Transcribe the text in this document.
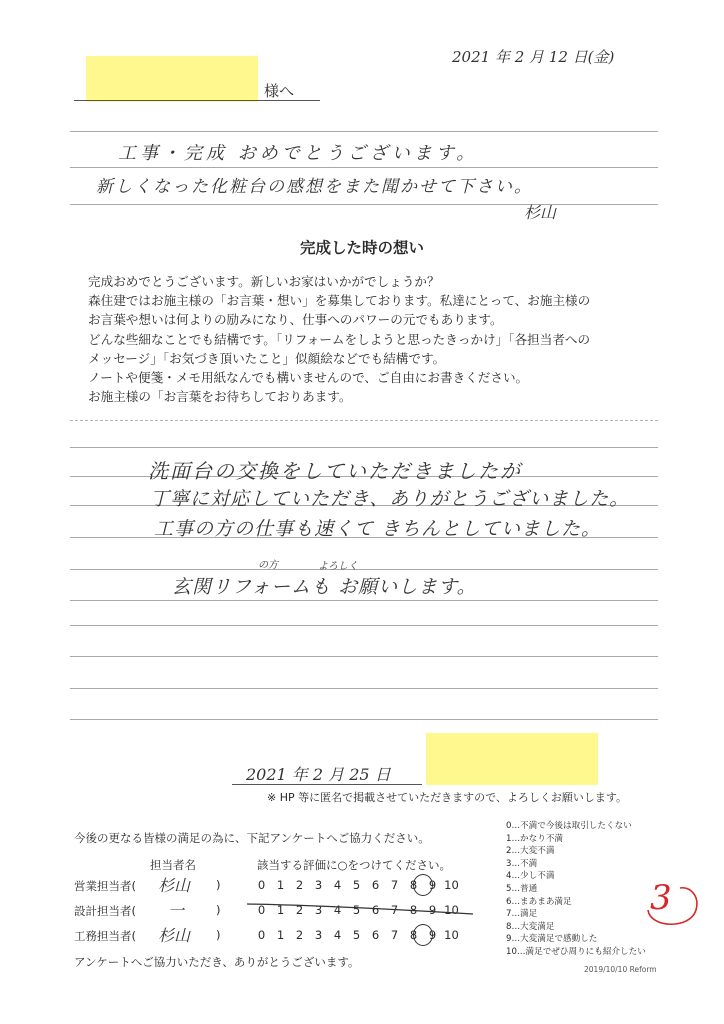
2021 年 2 月 12 日(金)
様へ
工事・完成 おめでとうございます。
新しくなった化粧台の感想をまた聞かせて下さい。
杉山
完成した時の想い

完成おめでとうございます。新しいお家はいかがでしょうか？

森住建ではお施主様の「お言葉・想い」を募集しております。私達にとって、お施主様の

お言葉や想いは何よりの励みになり、仕事へのパワーの元でもあります。

どんな些細なことでも結構です。「リフォームをしようと思ったきっかけ」「各担当者への

メッセージ」「お気づき頂いたこと」似顔絵などでも結構です。

ノートや便箋・メモ用紙なんでも構いませんので、ご自由にお書きください。

お施主様の「お言葉をお待ちしておりあます。

洗面台の交換をしていただきましたが
丁寧に対応していただき、ありがとうございました。
工事の方の仕事も速くて きちんとしていました。
の方	よろしく
玄関リフォームも お願いします。
2021 年 2 月 25 日
※ HP 等に匿名で掲載させていただきますので、よろしくお願いします。
今後の更なる皆様の満足の為に、下記アンケートへご協力ください。
担当者名	該当する評価に○をつけてください。
営業担当者( 杉山 )	0 1 2 3 4 5 6 7 8 9 10
設計担当者( 一	)	0 1 2 3 4 5 6 7 8 9 10
工務担当者( 杉山 )	0 1 2 3 4 5 6 7 8 9 10
アンケートへご協力いただき、ありがとうございます。
0…不満で今後は取引したくない
1…かなり不満
2…大変不満
3…不満
4…少し不満
5…普通
6…まあまあ満足
7…満足
8…大変満足
9…大変満足で感動した
10…満足でぜひ周りにも紹介したい
3
2019/10/10 Reform
